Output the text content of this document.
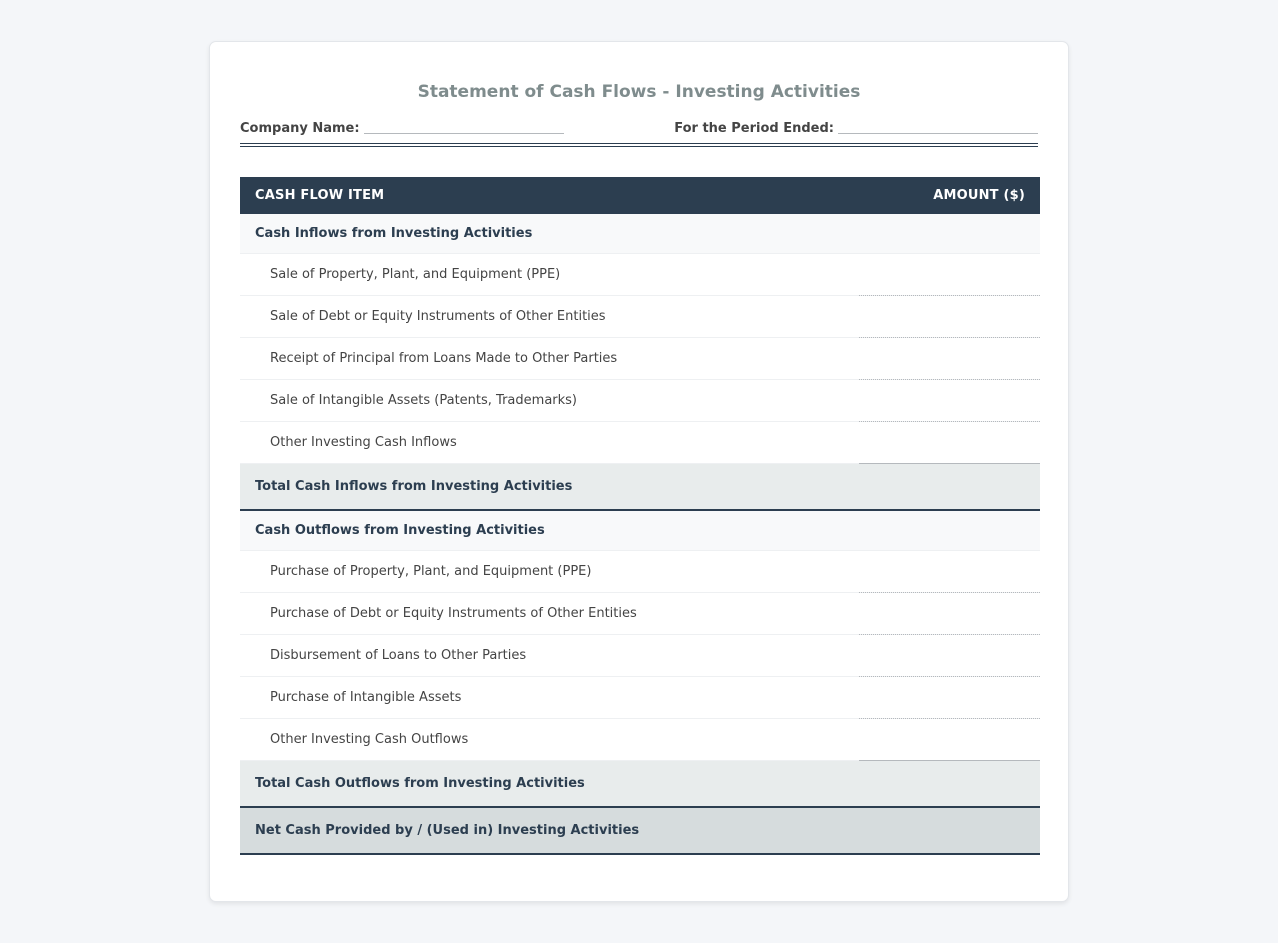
Statement of Cash Flows - Investing Activities
Company Name:	For the Period Ended:
CASH FLOW ITEM	AMOUNT ($)
Cash Inflows from Investing Activities
Sale of Property, Plant, and Equipment (PPE)
Sale of Debt or Equity Instruments of Other Entities
Receipt of Principal from Loans Made to Other Parties
Sale of Intangible Assets (Patents, Trademarks)
Other Investing Cash Inflows
Total Cash Inflows from Investing Activities
Cash Outflows from Investing Activities
Purchase of Property, Plant, and Equipment (PPE)
Purchase of Debt or Equity Instruments of Other Entities
Disbursement of Loans to Other Parties
Purchase of Intangible Assets
Other Investing Cash Outflows
Total Cash Outflows from Investing Activities
Net Cash Provided by / (Used in) Investing Activities
